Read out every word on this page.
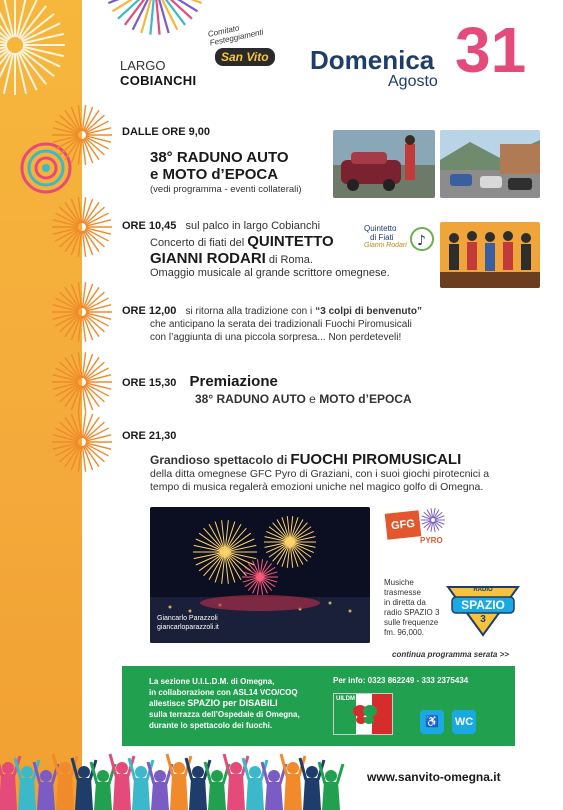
LARGO
COBIANCHI
Comitato Festeggiamenti
San Vito Domenica
Agosto 31
DALLE ORE 9,00
38° RADUNO AUTO
e MOTO d’EPOCA
(vedi programma - eventi collaterali)
ORE 10,45 sul palco in largo Cobianchi
Concerto di fiati del QUINTETTO
GIANNI RODARI di Roma.
Omaggio musicale al grande scrittore omegnese.
Quintetto
di Fiati
Gianni Rodari ♪
ORE 12,00 si ritorna alla tradizione con i “3 colpi di benvenuto”
che anticipano la serata dei tradizionali Fuochi Piromusicali
con l’aggiunta di una piccola sorpresa... Non perdeteveli!
ORE 15,30 Premiazione
38° RADUNO AUTO e MOTO d’EPOCA
ORE 21,30
Grandioso spettacolo di FUOCHI PIROMUSICALI
della ditta omegnese GFC Pyro di Graziani, con i suoi giochi pirotecnici a
tempo di musica regalerà emozioni uniche nel magico golfo di Omegna.
Giancarlo Parazzoli
giancarloparazzoli.it
GFG
PYRO
Musiche
trasmesse
in diretta da
radio SPAZIO 3
sulle frequenze
fm. 96,000.
RADIO
SPAZIO
3
continua programma serata >>
La sezione U.I.L.D.M. di Omegna,
in collaborazione con ASL14 VCO/COQ
allestisce SPAZIO per DISABILI
sulla terrazza dell’Ospedale di Omegna,
durante lo spettacolo dei fuochi.
Per info: 0323 862249 - 333 2375434
UILDM
♿	WC
www.sanvito-omegna.it
